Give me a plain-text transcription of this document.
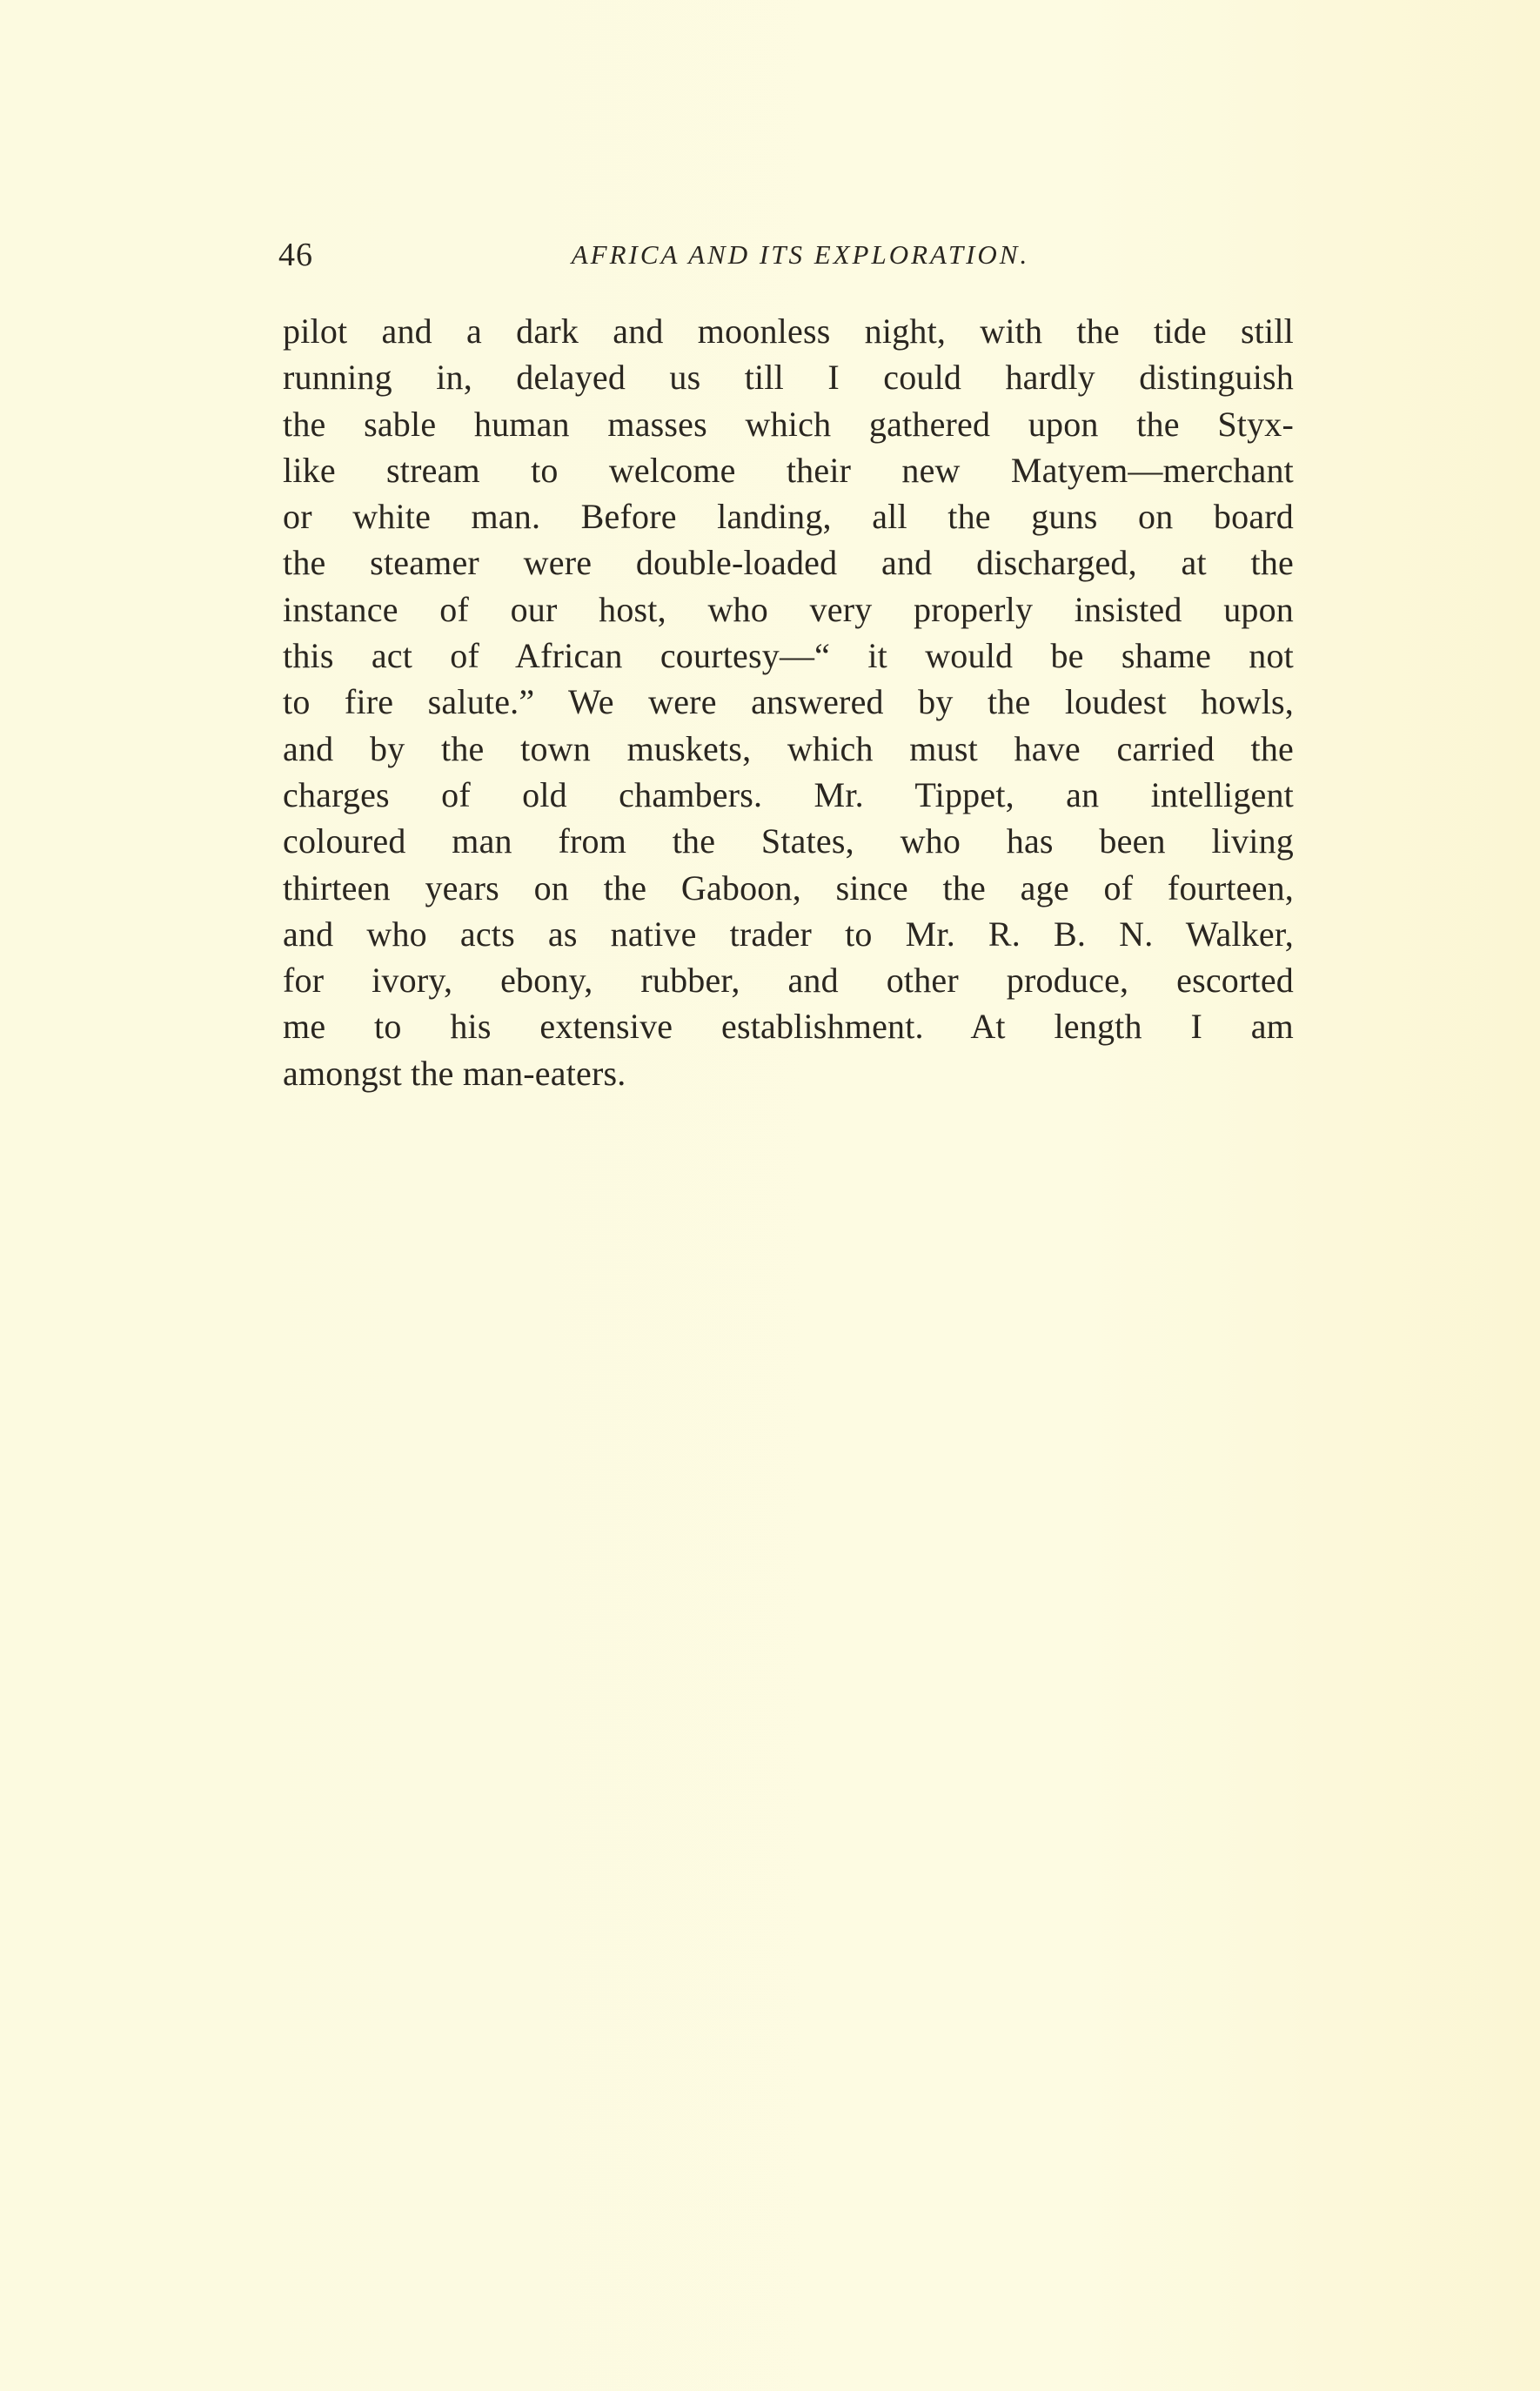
46	AFRICA AND ITS EXPLORATION.
pilot and a dark and moonless night, with the tide still
running in, delayed us till I could hardly distinguish
the sable human masses which gathered upon the Styx-
like stream to welcome their new Matyem—merchant
or white man. Before landing, all the guns on board
the steamer were double-loaded and discharged, at the
instance of our host, who very properly insisted upon
this act of African courtesy—“ it would be shame not
to fire salute.” We were answered by the loudest howls,
and by the town muskets, which must have carried the
charges of old chambers. Mr. Tippet, an intelligent
coloured man from the States, who has been living
thirteen years on the Gaboon, since the age of fourteen,
and who acts as native trader to Mr. R. B. N. Walker,
for ivory, ebony, rubber, and other produce, escorted
me to his extensive establishment. At length I am
amongst the man-eaters.
